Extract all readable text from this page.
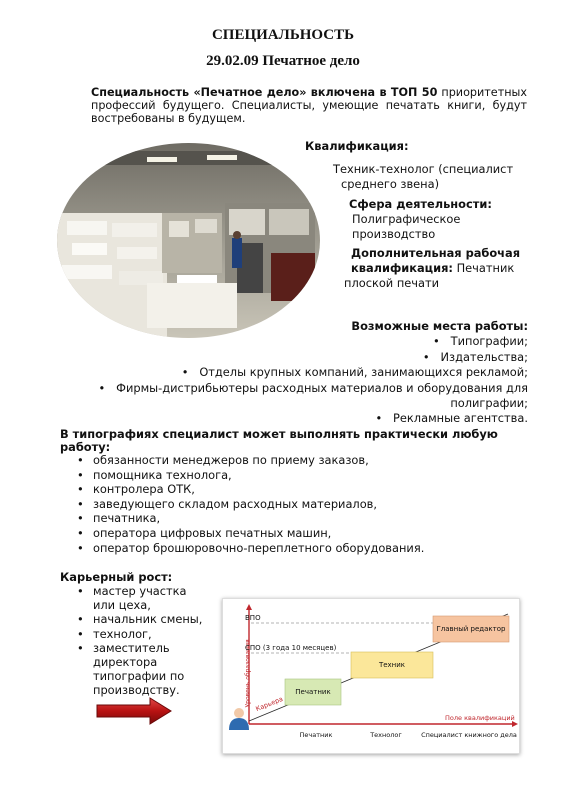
СПЕЦИАЛЬНОСТЬ
29.02.09 Печатное дело
Специальность «Печатное дело» включена в ТОП 50 приоритетных профессий будущего. Специалисты, умеющие печатать книги, будут востребованы в будущем.
Квалификация:
Техник-технолог (специалист
среднего звена)
Сфера деятельности:
Полиграфическое
производство
Дополнительная рабочая
квалификация: Печатник
плоской печати
Возможные места работы:
•   Типографии;
•   Издательства;
•   Отделы крупных компаний, занимающихся рекламой;
•   Фирмы-дистрибьютеры расходных материалов и оборудования для
полиграфии;
•   Рекламные агентства.
В типографиях специалист может выполнять практически любую работу:
• обязанности менеджеров по приему заказов,
• помощника технолога,
• контролера ОТК,
• заведующего складом расходных материалов,
• печатника,
• оператора цифровых печатных машин,
• оператор брошюровочно-переплетного оборудования.
Карьерный рост:
• мастер участка или цеха,
• начальник смены,
• технолог,
• заместитель директора типографии по производству.	Уровень образования Карьера
ВПО
СПО (3 года 10 месяцев)
Печатник
Техник
Главный редактор
Поле квалификаций
Печатник	Технолог	Специалист книжного дела
